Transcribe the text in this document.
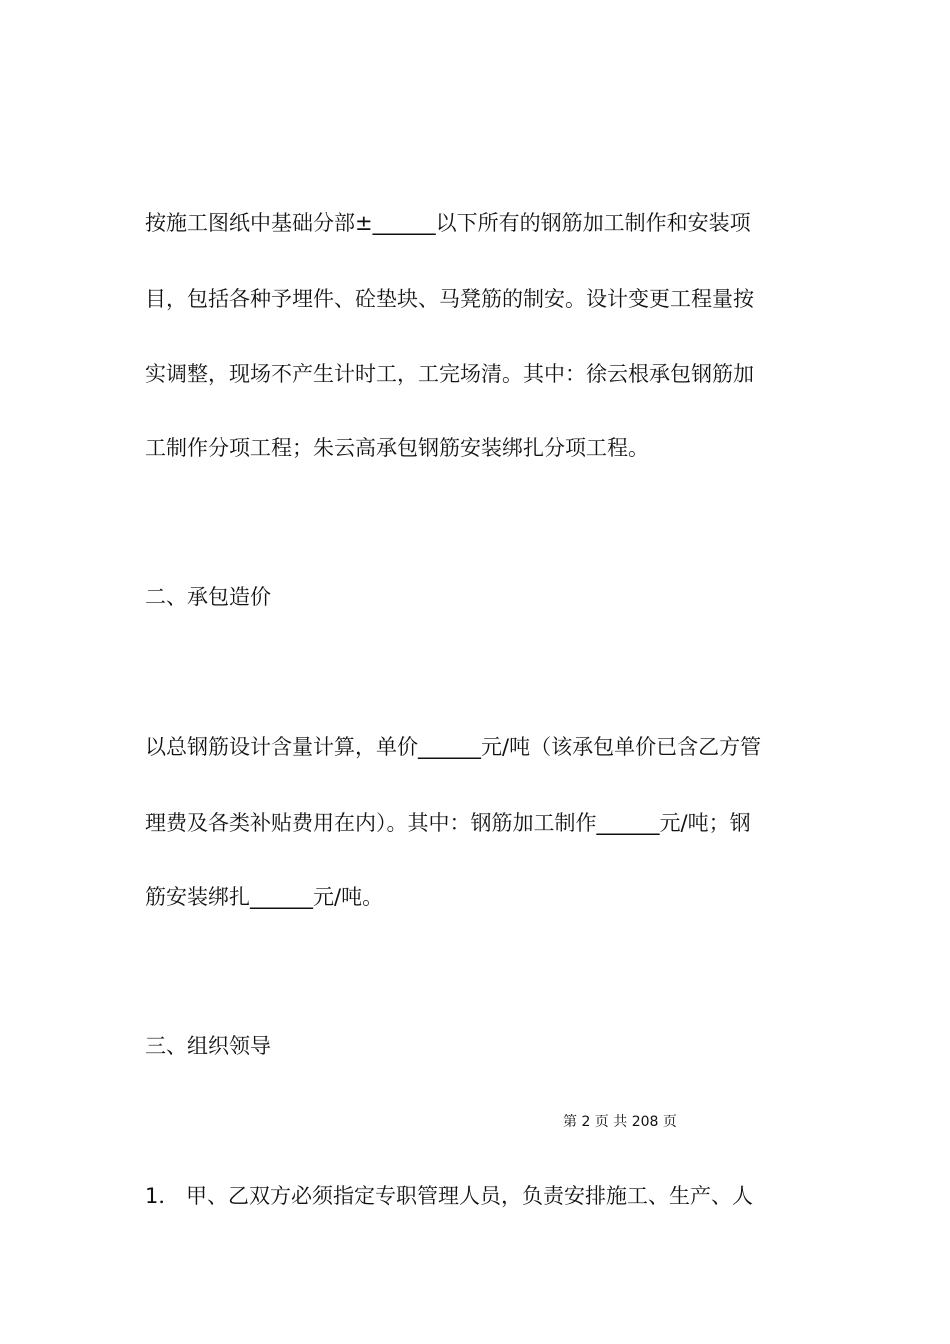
按施工图纸中基础分部±______以下所有的钢筋加工制作和安装项
目，包括各种予埋件、砼垫块、马凳筋的制安。设计变更工程量按
实调整，现场不产生计时工，工完场清。其中：徐云根承包钢筋加
工制作分项工程；朱云高承包钢筋安装绑扎分项工程。
二、承包造价
以总钢筋设计含量计算，单价______元/吨（该承包单价已含乙方管
理费及各类补贴费用在内）。其中：钢筋加工制作______元/吨；钢
筋安装绑扎______元/吨。
三、组织领导
第 2 页 共 208 页
1． 甲、乙双方必须指定专职管理人员，负责安排施工、生产、人
